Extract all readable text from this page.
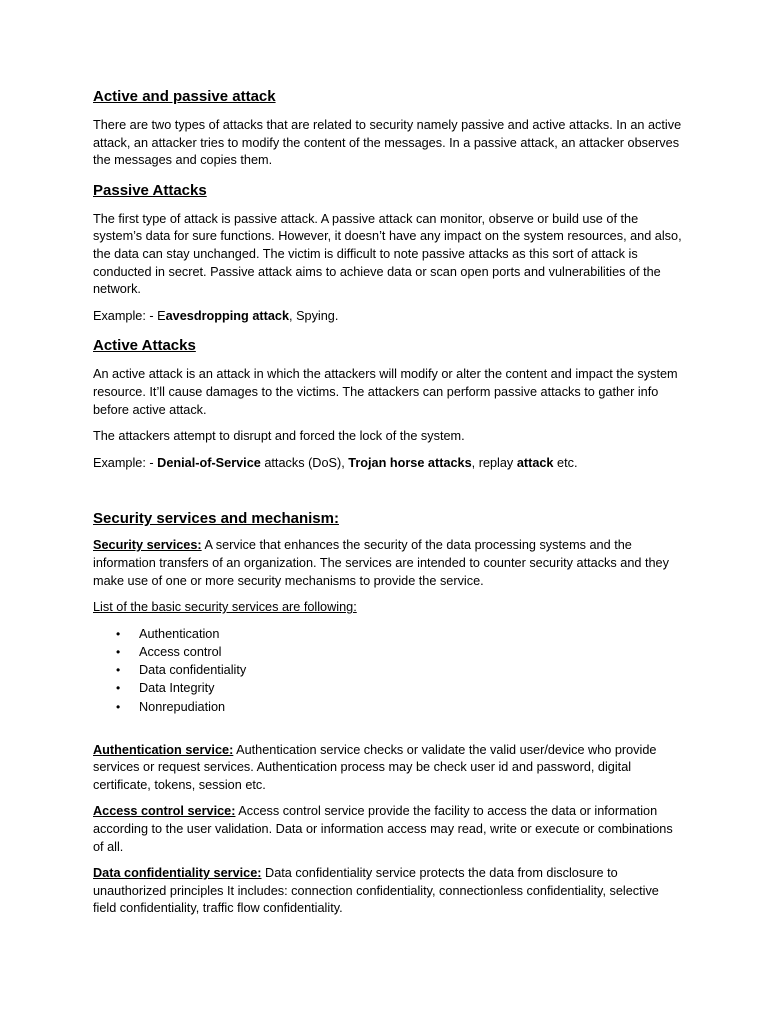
Active and passive attack

There are two types of attacks that are related to security namely passive and active attacks. In an active attack, an attacker tries to modify the content of the messages. In a passive attack, an attacker observes the messages and copies them.

Passive Attacks

The first type of attack is passive attack. A passive attack can monitor, observe or build use of the system’s data for sure functions. However, it doesn’t have any impact on the system resources, and also, the data can stay unchanged. The victim is difficult to note passive attacks as this sort of attack is conducted in secret. Passive attack aims to achieve data or scan open ports and vulnerabilities of the network.

Example: - Eavesdropping attack, Spying.

Active Attacks

An active attack is an attack in which the attackers will modify or alter the content and impact the system resource. It’ll cause damages to the victims. The attackers can perform passive attacks to gather info before active attack.

The attackers attempt to disrupt and forced the lock of the system.

Example: - Denial-of-Service attacks (DoS), Trojan horse attacks, replay attack etc.

Security services and mechanism:

Security services: A service that enhances the security of the data processing systems and the information transfers of an organization. The services are intended to counter security attacks and they make use of one or more security mechanisms to provide the service.

List of the basic security services are following:

• Authentication
• Access control
• Data confidentiality
• Data Integrity
• Nonrepudiation

Authentication service: Authentication service checks or validate the valid user/device who provide services or request services. Authentication process may be check user id and password, digital certificate, tokens, session etc.

Access control service: Access control service provide the facility to access the data or information according to the user validation. Data or information access may read, write or execute or combinations of all.

Data confidentiality service: Data confidentiality service protects the data from disclosure to unauthorized principles It includes: connection confidentiality, connectionless confidentiality, selective field confidentiality, traffic flow confidentiality.
